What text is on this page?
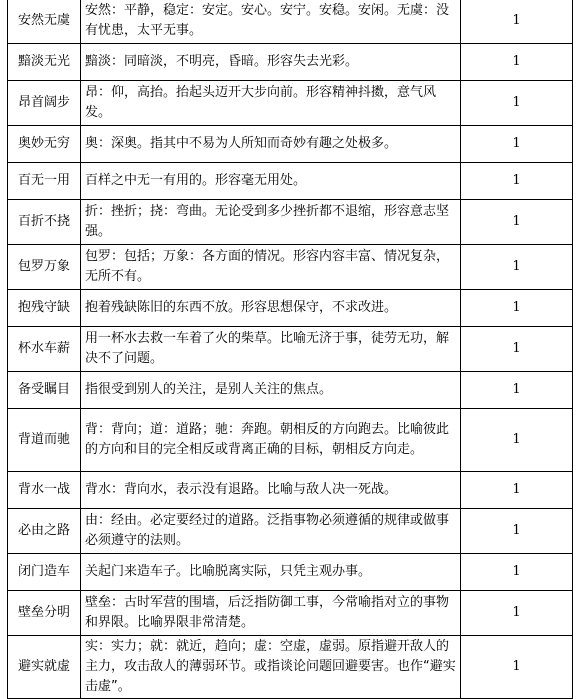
安然无虞	安然：平静，稳定：安定。安心。安宁。安稳。安闲。无虞：没有忧患，太平无事。	1
黯淡无光	黯淡：同暗淡，不明亮，昏暗。形容失去光彩。	1
昂首阔步	昂：仰，高抬。抬起头迈开大步向前。形容精神抖擞，意气风发。	1
奥妙无穷	奥：深奥。指其中不易为人所知而奇妙有趣之处极多。	1
百无一用	百样之中无一有用的。形容毫无用处。	1
百折不挠	折：挫折；挠：弯曲。无论受到多少挫折都不退缩，形容意志坚强。	1
包罗万象	包罗：包括；万象：各方面的情况。形容内容丰富、情况复杂，无所不有。	1
抱残守缺	抱着残缺陈旧的东西不放。形容思想保守，不求改进。	1
杯水车薪	用一杯水去救一车着了火的柴草。比喻无济于事，徒劳无功，解决不了问题。	1
备受瞩目	指很受到别人的关注，是别人关注的焦点。	1
背道而驰	背：背向；道：道路；驰：奔跑。朝相反的方向跑去。比喻彼此的方向和目的完全相反或背离正确的目标，朝相反方向走。	1
背水一战	背水：背向水，表示没有退路。比喻与敌人决一死战。	1
必由之路	由：经由。必定要经过的道路。泛指事物必须遵循的规律或做事必须遵守的法则。	1
闭门造车	关起门来造车子。比喻脱离实际，只凭主观办事。	1
壁垒分明	壁垒：古时军营的围墙，后泛指防御工事，今常喻指对立的事物和界限。比喻界限非常清楚。	1
避实就虚	实：实力；就：就近，趋向；虚：空虚，虚弱。原指避开敌人的主力，攻击敌人的薄弱环节。或指谈论问题回避要害。也作“避实击虚”。	1
